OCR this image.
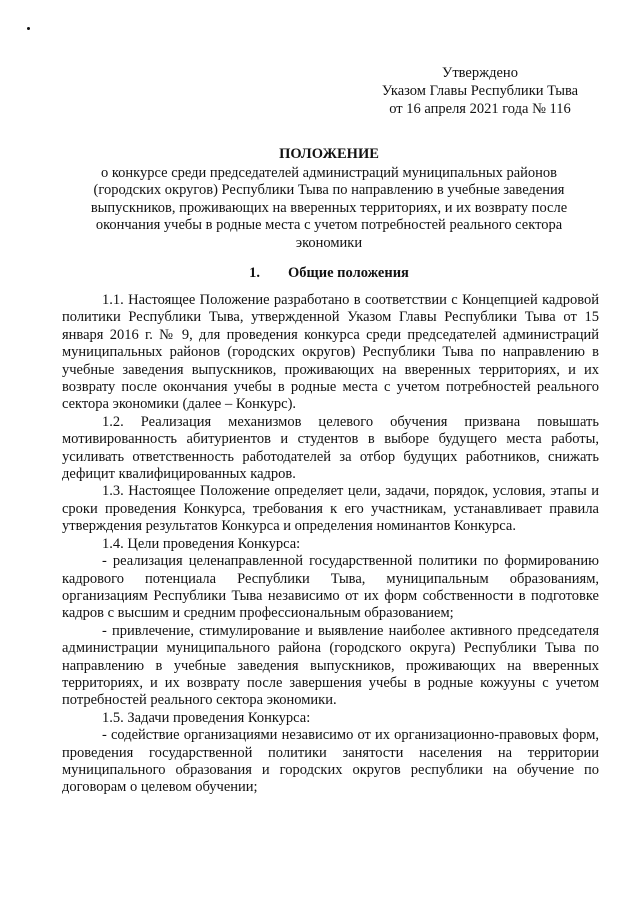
Утверждено
Указом Главы Республики Тыва
от 16 апреля 2021 года № 116
ПОЛОЖЕНИЕ
о конкурсе среди председателей администраций муниципальных районов
(городских округов) Республики Тыва по направлению в учебные заведения
выпускников, проживающих на вверенных территориях, и их возврату после
окончания учебы в родные места с учетом потребностей реального сектора
экономики
1. Общие положения

1.1. Настоящее Положение разработано в соответствии с Концепцией кадровой политики Республики Тыва, утвержденной Указом Главы Республики Тыва от 15 января 2016 г. № 9, для проведения конкурса среди председателей администраций муниципальных районов (городских округов) Республики Тыва по направлению в учебные заведения выпускников, проживающих на вверенных территориях, и их возврату после окончания учебы в родные места с учетом потребностей реального сектора экономики (далее – Конкурс).

1.2. Реализация механизмов целевого обучения призвана повышать мотивированность абитуриентов и студентов в выборе будущего места работы, усиливать ответственность работодателей за отбор будущих работников, снижать дефицит квалифицированных кадров.

1.3. Настоящее Положение определяет цели, задачи, порядок, условия, этапы и сроки проведения Конкурса, требования к его участникам, устанавливает правила утверждения результатов Конкурса и определения номинантов Конкурса.

1.4. Цели проведения Конкурса:

- реализация целенаправленной государственной политики по формированию кадрового потенциала Республики Тыва, муниципальным образованиям, организациям Республики Тыва независимо от их форм собственности в подготовке кадров с высшим и средним профессиональным образованием;

- привлечение, стимулирование и выявление наиболее активного председателя администрации муниципального района (городского округа) Республики Тыва по направлению в учебные заведения выпускников, проживающих на вверенных территориях, и их возврату после завершения учебы в родные кожууны с учетом потребностей реального сектора экономики.

1.5. Задачи проведения Конкурса:

- содействие организациями независимо от их организационно-правовых форм, проведения государственной политики занятости населения на территории муниципального образования и городских округов республики на обучение по договорам о целевом обучении;
